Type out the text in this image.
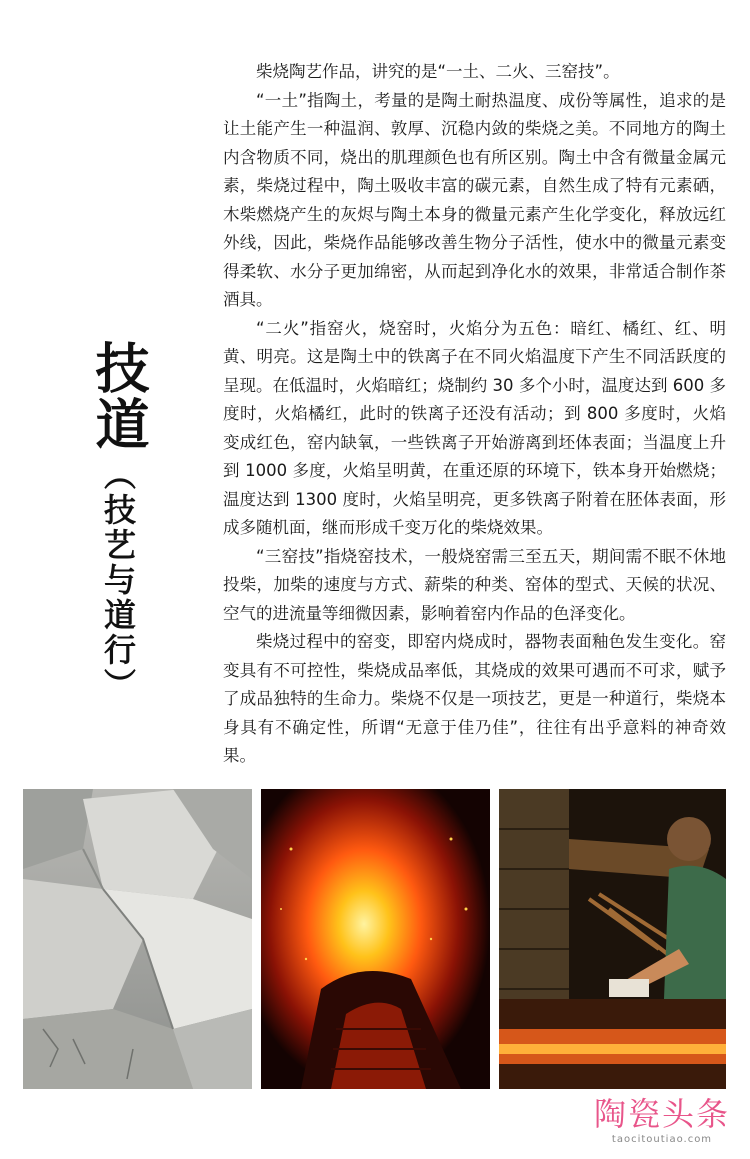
技道
（技艺与道行）

柴烧陶艺作品，讲究的是“一土、二火、三窑技”。

“一土”指陶土，考量的是陶土耐热温度、成份等属性，追求的是让土能产生一种温润、敦厚、沉稳内敛的柴烧之美。不同地方的陶土内含物质不同，烧出的肌理颜色也有所区别。陶土中含有微量金属元素，柴烧过程中，陶土吸收丰富的碳元素，自然生成了特有元素硒，木柴燃烧产生的灰烬与陶土本身的微量元素产生化学变化，释放远红外线，因此，柴烧作品能够改善生物分子活性，使水中的微量元素变得柔软、水分子更加绵密，从而起到净化水的效果，非常适合制作茶酒具。

“二火”指窑火，烧窑时，火焰分为五色：暗红、橘红、红、明黄、明亮。这是陶土中的铁离子在不同火焰温度下产生不同活跃度的呈现。在低温时，火焰暗红；烧制约 30 多个小时，温度达到 600 多度时，火焰橘红，此时的铁离子还没有活动；到 800 多度时，火焰变成红色，窑内缺氧，一些铁离子开始游离到坯体表面；当温度上升到 1000 多度，火焰呈明黄，在重还原的环境下，铁本身开始燃烧；温度达到 1300 度时，火焰呈明亮，更多铁离子附着在胚体表面，形成多随机面，继而形成千变万化的柴烧效果。

“三窑技”指烧窑技术，一般烧窑需三至五天，期间需不眠不休地投柴，加柴的速度与方式、薪柴的种类、窑体的型式、天候的状况、空气的进流量等细微因素，影响着窑内作品的色泽变化。

柴烧过程中的窑变，即窑内烧成时，器物表面釉色发生变化。窑变具有不可控性，柴烧成品率低，其烧成的效果可遇而不可求，赋予了成品独特的生命力。柴烧不仅是一项技艺，更是一种道行，柴烧本身具有不确定性，所谓“无意于佳乃佳”，往往有出乎意料的神奇效果。

陶瓷头条
taocitoutiao.com
